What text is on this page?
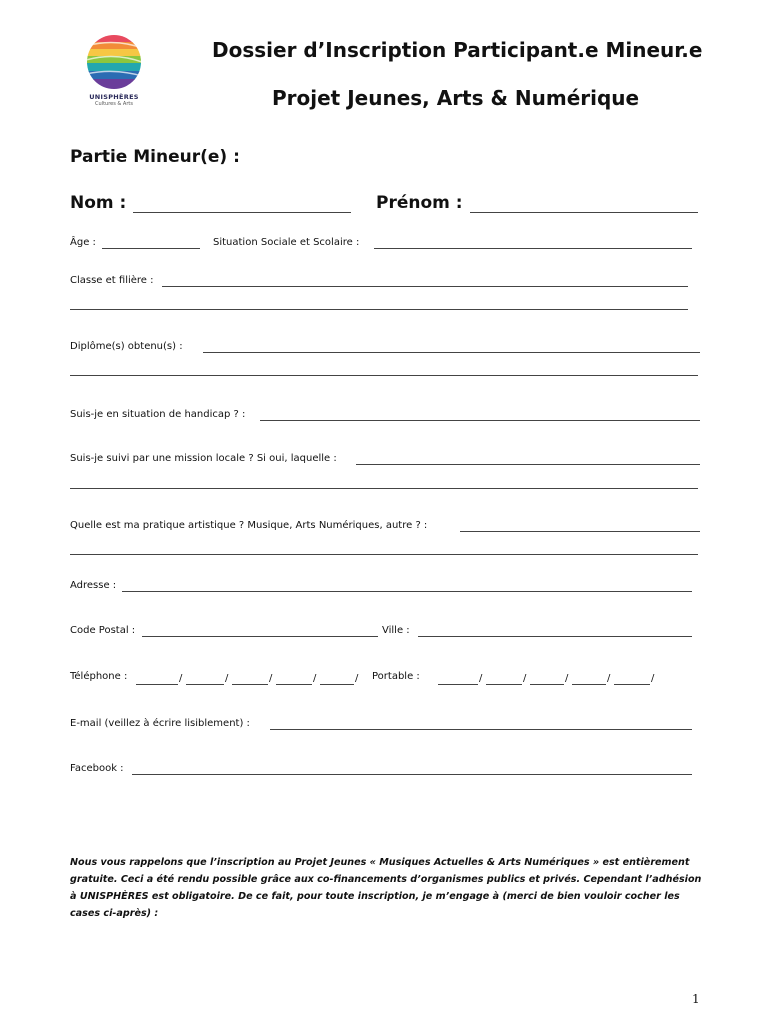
UNISPHÈRES
Cultures & Arts
Dossier d’Inscription Participant.e Mineur.e
Projet Jeunes, Arts & Numérique
Partie Mineur(e) :
Nom :	Prénom :
Âge :	Situation Sociale et Scolaire :
Classe et filière :
Diplôme(s) obtenu(s) :
Suis-je en situation de handicap ? :
Suis-je suivi par une mission locale ? Si oui, laquelle :
Quelle est ma pratique artistique ? Musique, Arts Numériques, autre ? :
Adresse :
Code Postal :	Ville :
Téléphone :	/	/	/	/	/ Portable :	/	/	/	/	/
E-mail (veillez à écrire lisiblement) :
Facebook :
Nous vous rappelons que l’inscription au Projet Jeunes « Musiques Actuelles & Arts Numériques » est entièrement gratuite. Ceci a été rendu possible grâce aux co-financements d’organismes publics et privés. Cependant l’adhésion à UNISPHÈRES est obligatoire. De ce fait, pour toute inscription, je m’engage à (merci de bien vouloir cocher les cases ci-après) :
1
